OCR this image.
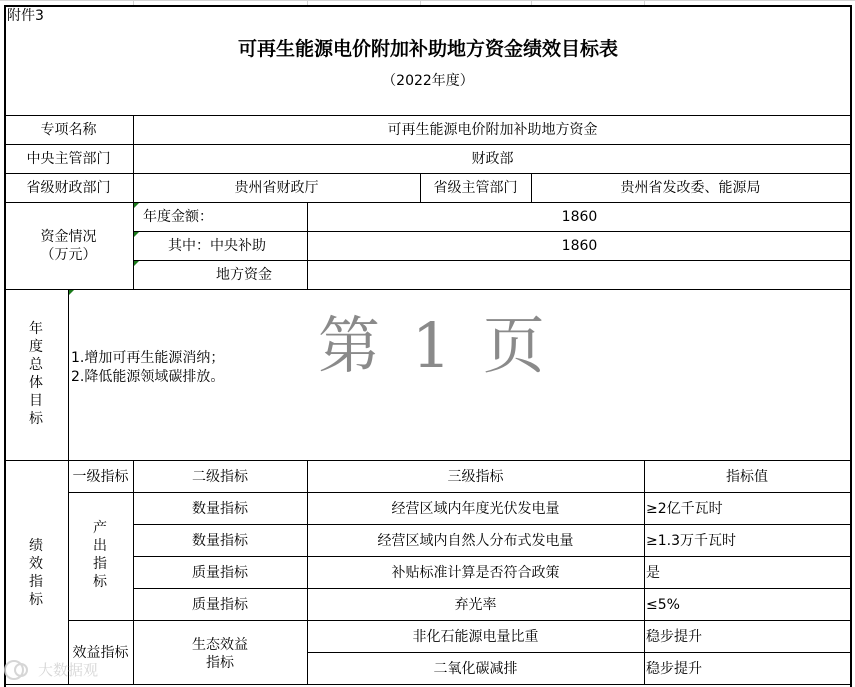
附件3
可再生能源电价附加补助地方资金绩效目标表
（2022年度）
专项名称	可再生能源电价附加补助地方资金
中央主管部门	财政部
省级财政部门	贵州省财政厅	省级主管部门	贵州省发改委、能源局
资金情况
（万元）
年度金额：	1860
其中：中央补助	1860
地方资金
年度总体目标
1.增加可再生能源消纳；
2.降低能源领域碳排放。 第 1 页
绩效指标
一级指标	二级指标	三级指标	指标值
产出指标
数量指标	经营区域内年度光伏发电量	≥2亿千瓦时
数量指标	经营区域内自然人分布式发电量	≥1.3万千瓦时
质量指标	补贴标准计算是否符合政策	是
质量指标	弃光率	≤5%
效益指标	生态效益
指标
非化石能源电量比重	稳步提升
二氧化碳减排	稳步提升
大数据观
